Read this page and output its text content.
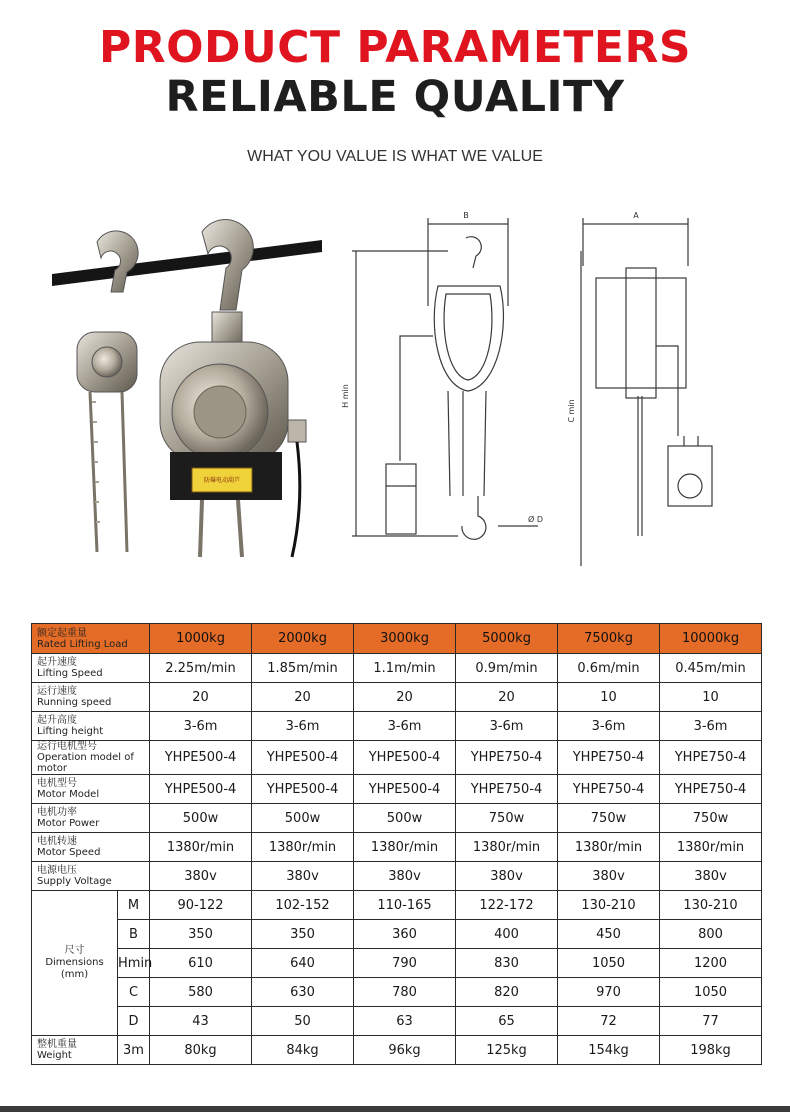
PRODUCT PARAMETERS
RELIABLE QUALITY
WHAT YOU VALUE IS WHAT WE VALUE
防爆电动葫芦
B	A
H min
C min
Ø D
额定起重量
Rated Lifting Load		1000kg	2000kg	3000kg	5000kg	7500kg	10000kg

起升速度
Lifting Speed		2.25m/min	1.85m/min	1.1m/min	0.9m/min	0.6m/min	0.45m/min

运行速度
Running speed		20	20	20	20	10	10

起升高度
Lifting height		3-6m	3-6m	3-6m	3-6m	3-6m	3-6m

运行电机型号
Operation model of motor		YHPE500-4	YHPE500-4	YHPE500-4	YHPE750-4	YHPE750-4	YHPE750-4

电机型号
Motor Model		YHPE500-4	YHPE500-4	YHPE500-4	YHPE750-4	YHPE750-4	YHPE750-4

电机功率
Motor Power		500w	500w	500w	750w	750w	750w

电机转速
Motor Speed		1380r/min	1380r/min	1380r/min	1380r/min	1380r/min	1380r/min

电源电压
Supply Voltage		380v	380v	380v	380v	380v	380v

尺寸
Dimensions
(mm)	M	90-122	102-152	110-165	122-172	130-210	130-210
	B	350	350	360	400	450	800
	Hmin	610	640	790	830	1050	1200
	C	580	630	780	820	970	1050
	D	43	50	63	65	72	77

整机重量
Weight	3m	80kg	84kg	96kg	125kg	154kg	198kg
